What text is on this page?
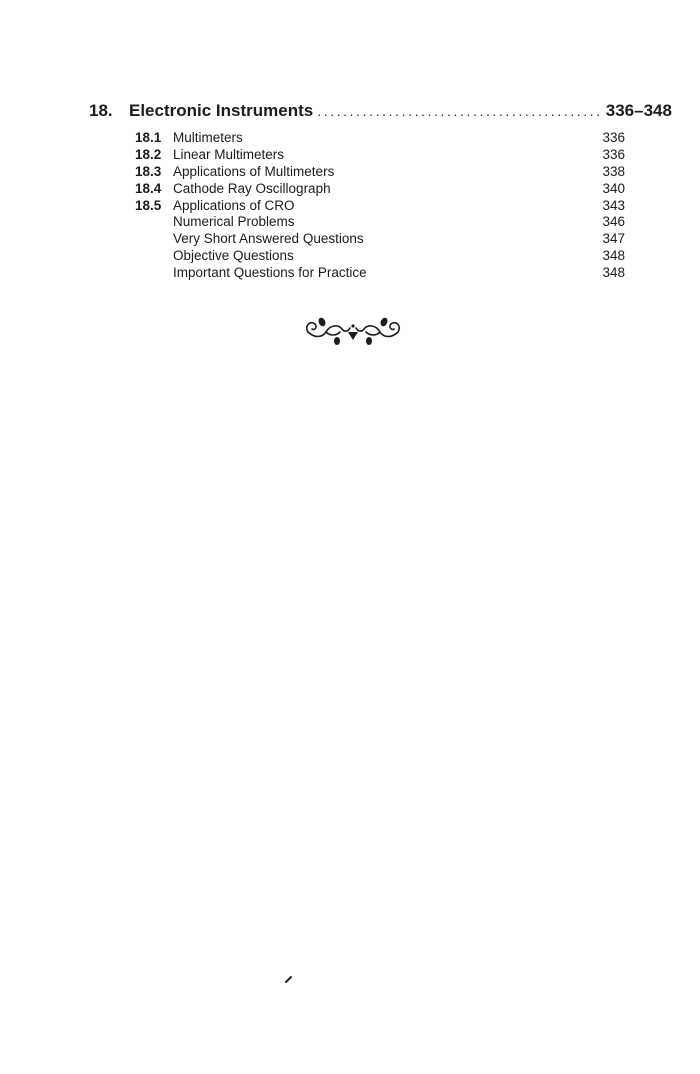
18. Electronic Instruments ............................................ 336–348
18.1 Multimeters	336
18.2 Linear Multimeters	336
18.3 Applications of Multimeters	338
18.4 Cathode Ray Oscillograph	340
18.5 Applications of CRO	343
Numerical Problems	346
Very Short Answered Questions	347
Objective Questions	348
Important Questions for Practice	348
